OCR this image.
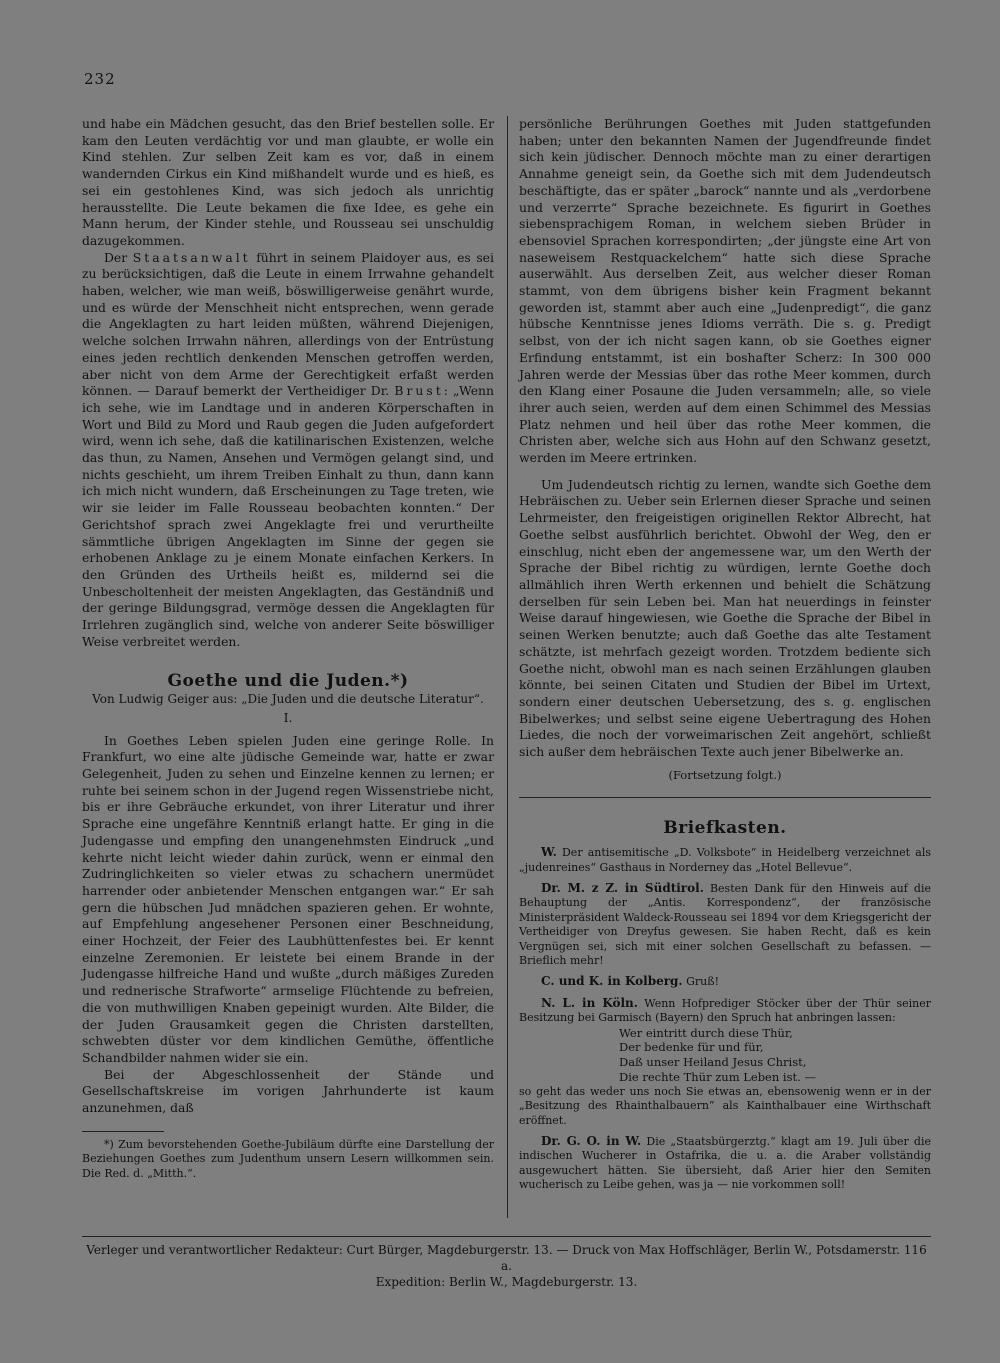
232

und habe ein Mädchen gesucht, das den Brief bestellen solle. Er kam den Leuten verdächtig vor und man glaubte, er wolle ein Kind stehlen. Zur selben Zeit kam es vor, daß in einem wandernden Cirkus ein Kind mißhandelt wurde und es hieß, es sei ein gestohlenes Kind, was sich jedoch als unrichtig herausstellte. Die Leute bekamen die fixe Idee, es gehe ein Mann herum, der Kinder stehle, und Rousseau sei unschuldig dazugekommen.

Der Staatsanwalt führt in seinem Plaidoyer aus, es sei zu berücksichtigen, daß die Leute in einem Irrwahne gehandelt haben, welcher, wie man weiß, böswilligerweise genährt wurde, und es würde der Menschheit nicht entsprechen, wenn gerade die Angeklagten zu hart leiden müßten, während Diejenigen, welche solchen Irrwahn nähren, allerdings von der Entrüstung eines jeden rechtlich denkenden Menschen getroffen werden, aber nicht von dem Arme der Gerechtigkeit erfaßt werden können. — Darauf bemerkt der Vertheidiger Dr. Brust: „Wenn ich sehe, wie im Landtage und in anderen Körperschaften in Wort und Bild zu Mord und Raub gegen die Juden aufgefordert wird, wenn ich sehe, daß die katilinarischen Existenzen, welche das thun, zu Namen, Ansehen und Vermögen gelangt sind, und nichts geschieht, um ihrem Treiben Einhalt zu thun, dann kann ich mich nicht wundern, daß Erscheinungen zu Tage treten, wie wir sie leider im Falle Rousseau beobachten konnten.“ Der Gerichtshof sprach zwei Angeklagte frei und verurtheilte sämmtliche übrigen Angeklagten im Sinne der gegen sie erhobenen Anklage zu je einem Monate einfachen Kerkers. In den Gründen des Urtheils heißt es, mildernd sei die Unbescholtenheit der meisten Angeklagten, das Geständniß und der geringe Bildungsgrad, vermöge dessen die Angeklagten für Irrlehren zugänglich sind, welche von anderer Seite böswilliger Weise verbreitet werden.

Goethe und die Juden.*)
Von Ludwig Geiger aus: „Die Juden und die deutsche Literatur“.
I.

In Goethes Leben spielen Juden eine geringe Rolle. In Frankfurt, wo eine alte jüdische Gemeinde war, hatte er zwar Gelegenheit, Juden zu sehen und Einzelne kennen zu lernen; er ruhte bei seinem schon in der Jugend regen Wissenstriebe nicht, bis er ihre Gebräuche erkundet, von ihrer Literatur und ihrer Sprache eine ungefähre Kenntniß erlangt hatte. Er ging in die Judengasse und empfing den unangenehmsten Eindruck „und kehrte nicht leicht wieder dahin zurück, wenn er einmal den Zudringlichkeiten so vieler etwas zu schachern unermüdet harrender oder anbietender Menschen entgangen war.“ Er sah gern die hübschen Jud mnädchen spazieren gehen. Er wohnte, auf Empfehlung angesehener Personen einer Beschneidung, einer Hochzeit, der Feier des Laubhüttenfestes bei. Er kennt einzelne Zeremonien. Er leistete bei einem Brande in der Judengasse hilfreiche Hand und wußte „durch mäßiges Zureden und rednerische Strafworte“ armselige Flüchtende zu befreien, die von muthwilligen Knaben gepeinigt wurden. Alte Bilder, die der Juden Grausamkeit gegen die Christen darstellten, schwebten düster vor dem kindlichen Gemüthe, öffentliche Schandbilder nahmen wider sie ein.

Bei der Abgeschlossenheit der Stände und Gesellschaftskreise im vorigen Jahrhunderte ist kaum anzunehmen, daß

*) Zum bevorstehenden Goethe-Jubiläum dürfte eine Darstellung der Beziehungen Goethes zum Judenthum unsern Lesern willkommen sein. Die Red. d. „Mitth.“.

persönliche Berührungen Goethes mit Juden stattgefunden haben; unter den bekannten Namen der Jugendfreunde findet sich kein jüdischer. Dennoch möchte man zu einer derartigen Annahme geneigt sein, da Goethe sich mit dem Judendeutsch beschäftigte, das er später „barock“ nannte und als „verdorbene und verzerrte“ Sprache bezeichnete. Es figurirt in Goethes siebensprachigem Roman, in welchem sieben Brüder in ebensoviel Sprachen korrespondirten; „der jüngste eine Art von naseweisem Restquackelchem“ hatte sich diese Sprache auserwählt. Aus derselben Zeit, aus welcher dieser Roman stammt, von dem übrigens bisher kein Fragment bekannt geworden ist, stammt aber auch eine „Judenpredigt“, die ganz hübsche Kenntnisse jenes Idioms verräth. Die s. g. Predigt selbst, von der ich nicht sagen kann, ob sie Goethes eigner Erfindung entstammt, ist ein boshafter Scherz: In 300 000 Jahren werde der Messias über das rothe Meer kommen, durch den Klang einer Posaune die Juden versammeln; alle, so viele ihrer auch seien, werden auf dem einen Schimmel des Messias Platz nehmen und heil über das rothe Meer kommen, die Christen aber, welche sich aus Hohn auf den Schwanz gesetzt, werden im Meere ertrinken.

Um Judendeutsch richtig zu lernen, wandte sich Goethe dem Hebräischen zu. Ueber sein Erlernen dieser Sprache und seinen Lehrmeister, den freigeistigen originellen Rektor Albrecht, hat Goethe selbst ausführlich berichtet. Obwohl der Weg, den er einschlug, nicht eben der angemessene war, um den Werth der Sprache der Bibel richtig zu würdigen, lernte Goethe doch allmählich ihren Werth erkennen und behielt die Schätzung derselben für sein Leben bei. Man hat neuerdings in feinster Weise darauf hingewiesen, wie Goethe die Sprache der Bibel in seinen Werken benutzte; auch daß Goethe das alte Testament schätzte, ist mehrfach gezeigt worden. Trotzdem bediente sich Goethe nicht, obwohl man es nach seinen Erzählungen glauben könnte, bei seinen Citaten und Studien der Bibel im Urtext, sondern einer deutschen Uebersetzung, des s. g. englischen Bibelwerkes; und selbst seine eigene Uebertragung des Hohen Liedes, die noch der vorweimarischen Zeit angehört, schließt sich außer dem hebräischen Texte auch jener Bibelwerke an.

(Fortsetzung folgt.)
Briefkasten.

W. Der antisemitische „D. Volksbote“ in Heidelberg verzeichnet als „judenreines“ Gasthaus in Norderney das „Hotel Bellevue“.

Dr. M. z Z. in Südtirol. Besten Dank für den Hinweis auf die Behauptung der „Antis. Korrespondenz“, der französische Ministerpräsident Waldeck-Rousseau sei 1894 vor dem Kriegsgericht der Vertheidiger von Dreyfus gewesen. Sie haben Recht, daß es kein Vergnügen sei, sich mit einer solchen Gesellschaft zu befassen. — Brieflich mehr!

C. und K. in Kolberg. Gruß!

N. L. in Köln. Wenn Hofprediger Stöcker über der Thür seiner Besitzung bei Garmisch (Bayern) den Spruch hat anbringen lassen:

Wer eintritt durch diese Thür,
Der bedenke für und für,
Daß unser Heiland Jesus Christ,
Die rechte Thür zum Leben ist. —

so geht das weder uns noch Sie etwas an, ebensowenig wenn er in der „Besitzung des Rhainthalbauern“ als Kainthalbauer eine Wirthschaft eröffnet.

Dr. G. O. in W. Die „Staatsbürgerztg.“ klagt am 19. Juli über die indischen Wucherer in Ostafrika, die u. a. die Araber vollständig ausgewuchert hätten. Sie übersieht, daß Arier hier den Semiten wucherisch zu Leibe gehen, was ja — nie vorkommen soll!

Verleger und verantwortlicher Redakteur: Curt Bürger, Magdeburgerstr. 13. — Druck von Max Hoffschläger, Berlin W., Potsdamerstr. 116 a.
Expedition: Berlin W., Magdeburgerstr. 13.
